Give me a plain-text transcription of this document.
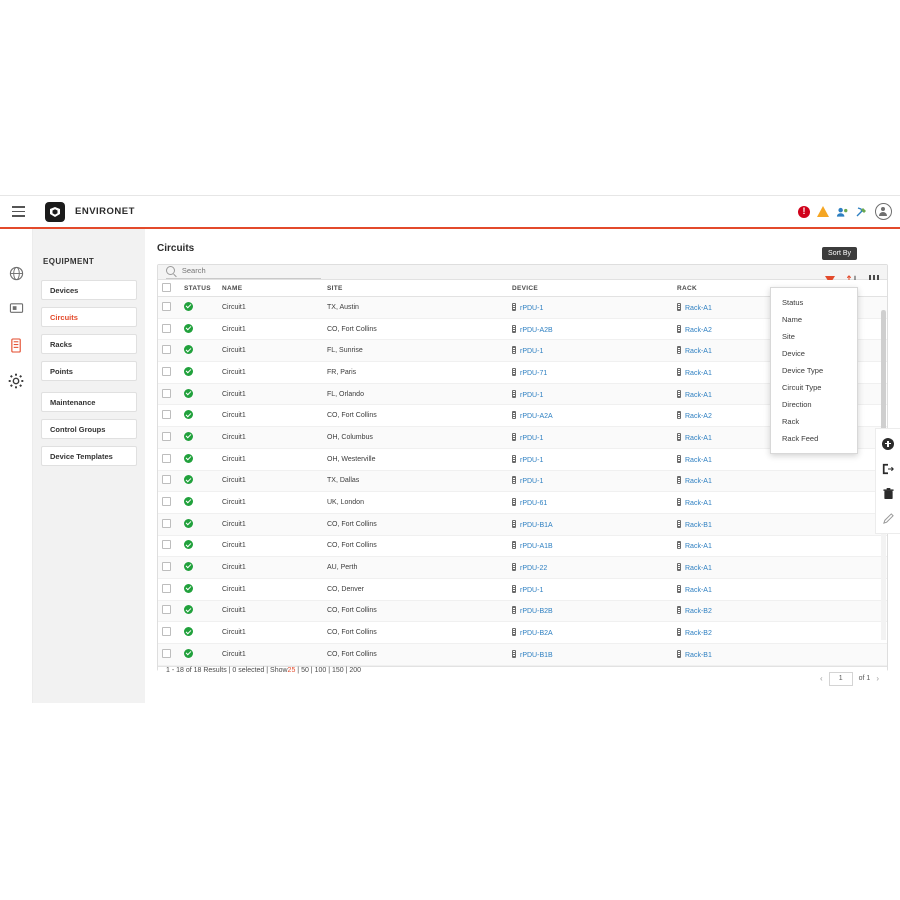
ENVIRONET
!
EQUIPMENT
Devices
Circuits
Racks
Points
Maintenance
Control Groups
Device Templates
Circuits
Search	Sort By
Status
Name
Site
Device
Device Type
Circuit Type
Direction
Rack
Rack Feed
	STATUS	NAME	SITE	DEVICE	RACK
		Circuit1	TX, Austin	rPDU-1	Rack-A1
		Circuit1	CO, Fort Collins	rPDU-A2B	Rack-A2
		Circuit1	FL, Sunrise	rPDU-1	Rack-A1
		Circuit1	FR, Paris	rPDU-71	Rack-A1
		Circuit1	FL, Orlando	rPDU-1	Rack-A1
		Circuit1	CO, Fort Collins	rPDU-A2A	Rack-A2
		Circuit1	OH, Columbus	rPDU-1	Rack-A1
		Circuit1	OH, Westerville	rPDU-1	Rack-A1
		Circuit1	TX, Dallas	rPDU-1	Rack-A1
		Circuit1	UK, London	rPDU-61	Rack-A1
		Circuit1	CO, Fort Collins	rPDU-B1A	Rack-B1
		Circuit1	CO, Fort Collins	rPDU-A1B	Rack-A1
		Circuit1	AU, Perth	rPDU-22	Rack-A1
		Circuit1	CO, Denver	rPDU-1	Rack-A1
		Circuit1	CO, Fort Collins	rPDU-B2B	Rack-B2
		Circuit1	CO, Fort Collins	rPDU-B2A	Rack-B2
		Circuit1	CO, Fort Collins	rPDU-B1B	Rack-B1
1 - 18 of 18 Results | 0 selected | Show 25 | 50 | 100 | 150 | 200
‹	1	of 1 ›
